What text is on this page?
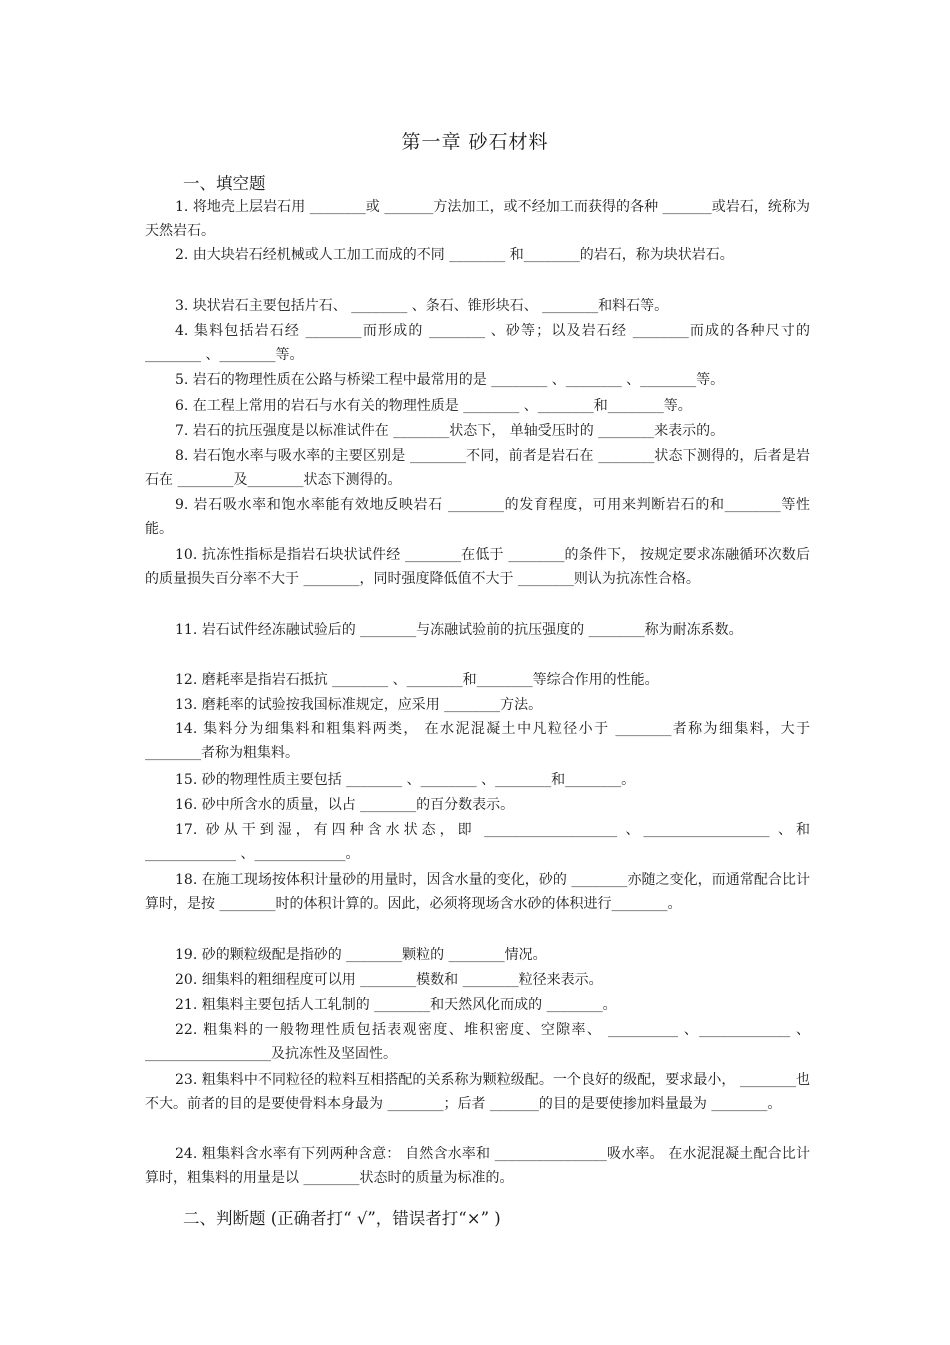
第一章 砂石材料
一、填空题
1. 将地壳上层岩石用 ________或 _______方法加工，或不经加工而获得的各种 _______或岩石，统称为天然岩石。
2. 由大块岩石经机械或人工加工而成的不同 ________ 和________的岩石，称为块状岩石。
3. 块状岩石主要包括片石、 ________ 、条石、锥形块石、 ________和料石等。
4. 集料包括岩石经 ________而形成的 ________ 、砂等；以及岩石经 ________而成的各种尺寸的 ________ 、________等。
5. 岩石的物理性质在公路与桥梁工程中最常用的是 ________ 、________ 、________等。
6. 在工程上常用的岩石与水有关的物理性质是 ________ 、________和________等。
7. 岩石的抗压强度是以标准试件在 ________状态下， 单轴受压时的 ________来表示的。
8. 岩石饱水率与吸水率的主要区别是 ________不同，前者是岩石在 ________状态下测得的，后者是岩石在 ________及________状态下测得的。
9. 岩石吸水率和饱水率能有效地反映岩石 ________的发育程度，可用来判断岩石的和________等性能。
10. 抗冻性指标是指岩石块状试件经 ________在低于 ________的条件下， 按规定要求冻融循环次数后的质量损失百分率不大于 ________，同时强度降低值不大于 ________则认为抗冻性合格。
11. 岩石试件经冻融试验后的 ________与冻融试验前的抗压强度的 ________称为耐冻系数。
12. 磨耗率是指岩石抵抗 ________ 、________和________等综合作用的性能。
13. 磨耗率的试验按我国标准规定，应采用 ________方法。
14. 集料分为细集料和粗集料两类， 在水泥混凝土中凡粒径小于 ________者称为细集料，大于 ________者称为粗集料。
15. 砂的物理性质主要包括 ________ 、________ 、________和________。
16. 砂中所含水的质量，以占 ________的百分数表示。
17. 砂从干到湿，有四种含水状态，即 ___________________ 、__________________ 、和_____________ 、_____________。
18. 在施工现场按体积计量砂的用量时，因含水量的变化，砂的 ________亦随之变化，而通常配合比计算时，是按 ________时的体积计算的。因此，必须将现场含水砂的体积进行________。
19. 砂的颗粒级配是指砂的 ________颗粒的 ________情况。
20. 细集料的粗细程度可以用 ________模数和 ________粒径来表示。
21. 粗集料主要包括人工轧制的 ________和天然风化而成的 ________。
22. 粗集料的一般物理性质包括表观密度、堆积密度、空隙率、 __________ 、_____________ 、__________________及抗冻性及坚固性。
23. 粗集料中不同粒径的粒料互相搭配的关系称为颗粒级配。一个良好的级配，要求最小， ________也不大。前者的目的是要使骨料本身最为 ________；后者 _______的目的是要使掺加料量最为 ________。
24. 粗集料含水率有下列两种含意： 自然含水率和 ________________吸水率。 在水泥混凝土配合比计算时，粗集料的用量是以 ________状态时的质量为标准的。
二、判断题 (正确者打“ √”，错误者打“×” )
